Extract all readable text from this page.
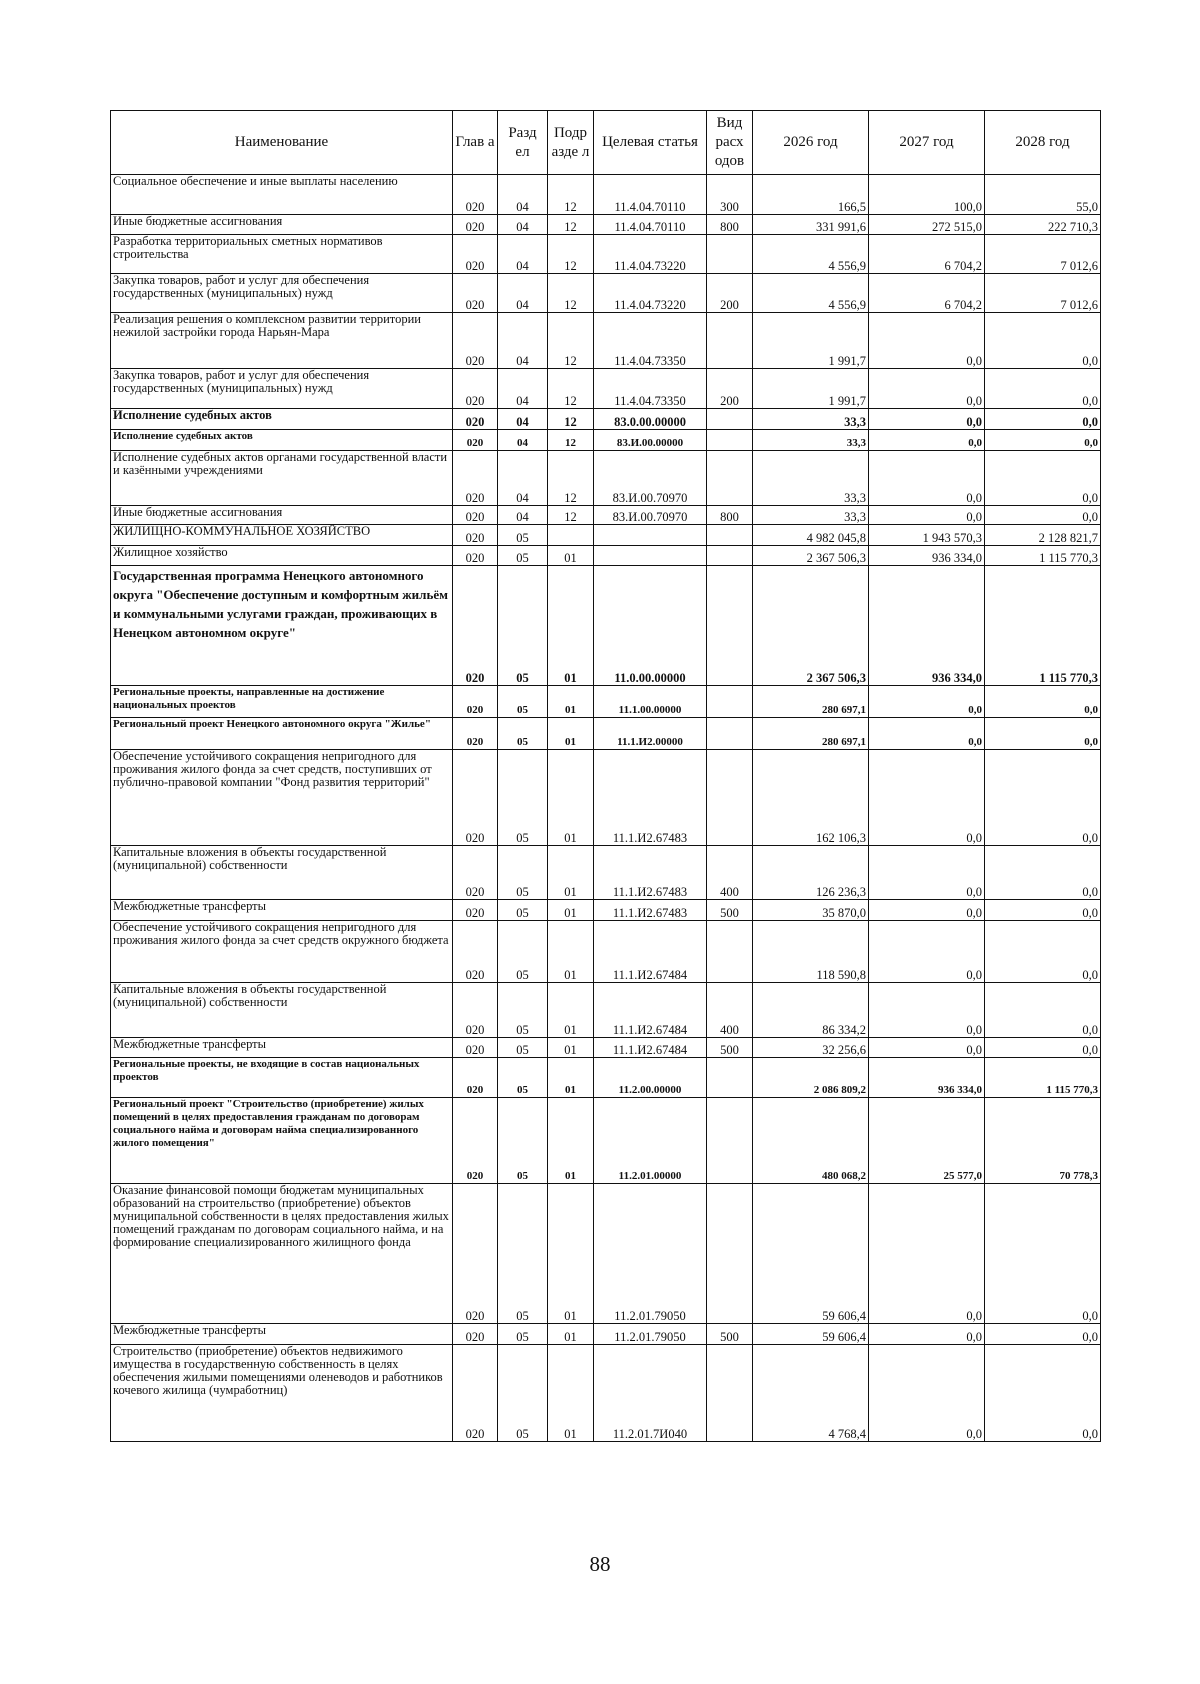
Наименование	Глав а	Разд ел	Подр азде л	Целевая статья	Вид расх одов	2026 год	2027 год	2028 год
Социальное обеспечение и иные выплаты населению	020	04	12	11.4.04.70110	300	166,5	100,0	55,0
Иные бюджетные ассигнования	020	04	12	11.4.04.70110	800	331 991,6	272 515,0	222 710,3
Разработка территориальных сметных нормативов строительства	020	04	12	11.4.04.73220		4 556,9	6 704,2	7 012,6
Закупка товаров, работ и услуг для обеспечения государственных (муниципальных) нужд	020	04	12	11.4.04.73220	200	4 556,9	6 704,2	7 012,6
Реализация решения о комплексном развитии территории нежилой застройки города Нарьян-Мара	020	04	12	11.4.04.73350		1 991,7	0,0	0,0
Закупка товаров, работ и услуг для обеспечения государственных (муниципальных) нужд	020	04	12	11.4.04.73350	200	1 991,7	0,0	0,0
Исполнение судебных актов	020	04	12	83.0.00.00000		33,3	0,0	0,0
Исполнение судебных актов	020	04	12	83.И.00.00000		33,3	0,0	0,0
Исполнение судебных актов органами государственной власти и казёнными учреждениями	020	04	12	83.И.00.70970		33,3	0,0	0,0
Иные бюджетные ассигнования	020	04	12	83.И.00.70970	800	33,3	0,0	0,0
ЖИЛИЩНО-КОММУНАЛЬНОЕ ХОЗЯЙСТВО	020	05				4 982 045,8	1 943 570,3	2 128 821,7
Жилищное хозяйство	020	05	01			2 367 506,3	936 334,0	1 115 770,3
Государственная программа Ненецкого автономного округа "Обеспечение доступным и комфортным жильём и коммунальными услугами граждан, проживающих в Ненецком автономном округе"	020	05	01	11.0.00.00000		2 367 506,3	936 334,0	1 115 770,3
Региональные проекты, направленные на достижение национальных проектов	020	05	01	11.1.00.00000		280 697,1	0,0	0,0
Региональный проект Ненецкого автономного округа "Жилье"	020	05	01	11.1.И2.00000		280 697,1	0,0	0,0
Обеспечение устойчивого сокращения непригодного для проживания жилого фонда за счет средств, поступивших от публично-правовой компании "Фонд развития территорий"	020	05	01	11.1.И2.67483		162 106,3	0,0	0,0
Капитальные вложения в объекты государственной (муниципальной) собственности	020	05	01	11.1.И2.67483	400	126 236,3	0,0	0,0
Межбюджетные трансферты	020	05	01	11.1.И2.67483	500	35 870,0	0,0	0,0
Обеспечение устойчивого сокращения непригодного для проживания жилого фонда за счет средств окружного бюджета	020	05	01	11.1.И2.67484		118 590,8	0,0	0,0
Капитальные вложения в объекты государственной (муниципальной) собственности	020	05	01	11.1.И2.67484	400	86 334,2	0,0	0,0
Межбюджетные трансферты	020	05	01	11.1.И2.67484	500	32 256,6	0,0	0,0
Региональные проекты, не входящие в состав национальных проектов	020	05	01	11.2.00.00000		2 086 809,2	936 334,0	1 115 770,3
Региональный проект "Строительство (приобретение) жилых помещений в целях предоставления гражданам по договорам социального найма и договорам найма специализированного жилого помещения"	020	05	01	11.2.01.00000		480 068,2	25 577,0	70 778,3
Оказание финансовой помощи бюджетам муниципальных образований на строительство (приобретение) объектов муниципальной собственности в целях предоставления жилых помещений гражданам по договорам социального найма, и на формирование специализированного жилищного фонда	020	05	01	11.2.01.79050		59 606,4	0,0	0,0
Межбюджетные трансферты	020	05	01	11.2.01.79050	500	59 606,4	0,0	0,0
Строительство (приобретение) объектов недвижимого имущества в государственную собственность в целях обеспечения жилыми помещениями оленеводов и работников кочевого жилища (чумработниц)	020	05	01	11.2.01.7И040		4 768,4	0,0	0,0
88
